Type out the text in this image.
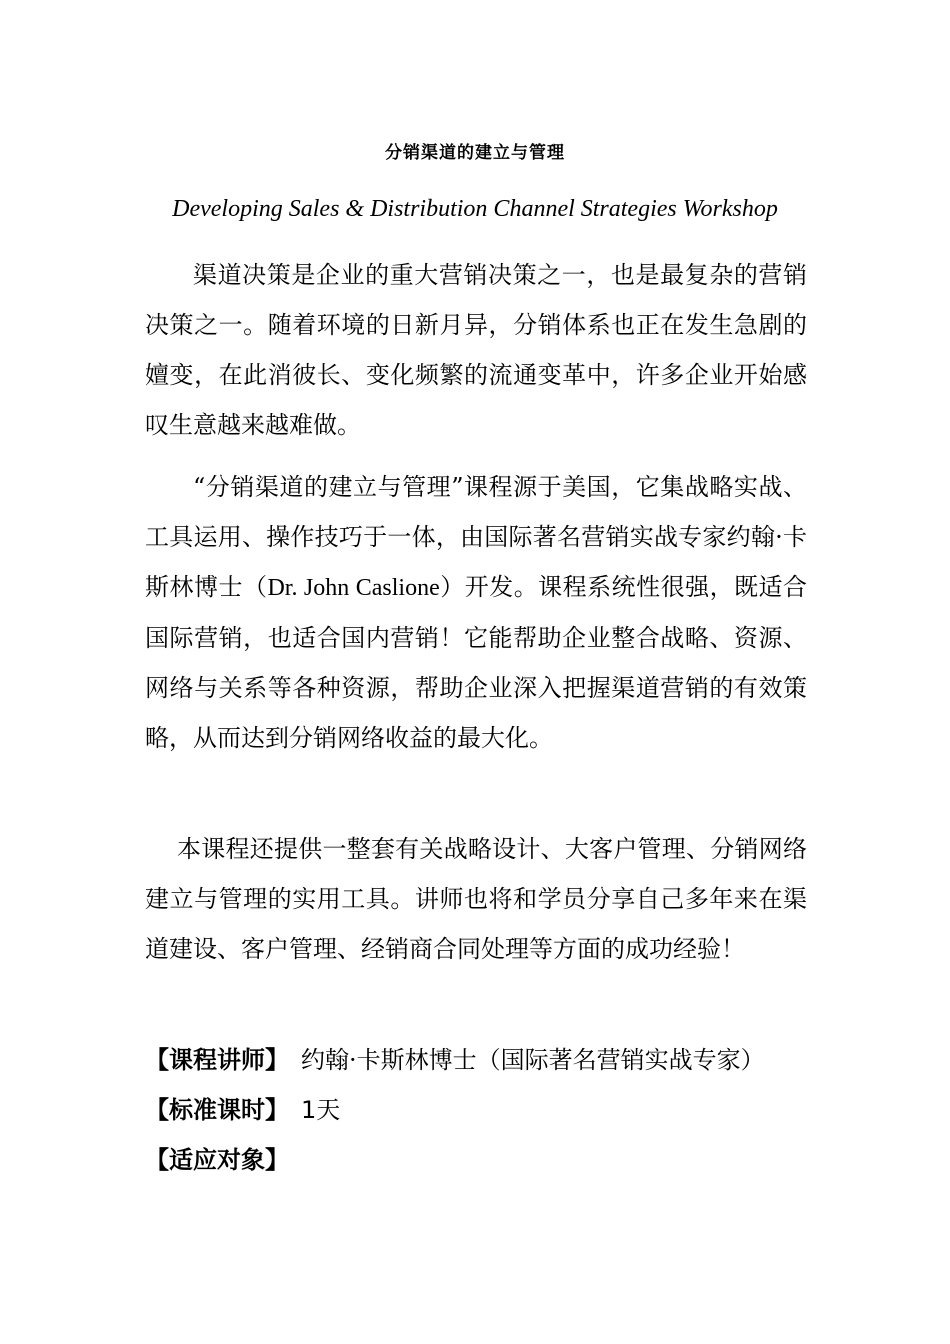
分销渠道的建立与管理
Developing Sales & Distribution Channel Strategies Workshop

渠道决策是企业的重大营销决策之一，也是最复杂的营销决策之一。随着环境的日新月异，分销体系也正在发生急剧的嬗变，在此消彼长、变化频繁的流通变革中，许多企业开始感叹生意越来越难做。

“分销渠道的建立与管理”课程源于美国，它集战略实战、工具运用、操作技巧于一体，由国际著名营销实战专家约翰·卡斯林博士（Dr. John Caslione）开发。课程系统性很强，既适合国际营销，也适合国内营销！它能帮助企业整合战略、资源、网络与关系等各种资源，帮助企业深入把握渠道营销的有效策略，从而达到分销网络收益的最大化。

本课程还提供一整套有关战略设计、大客户管理、分销网络建立与管理的实用工具。讲师也将和学员分享自己多年来在渠道建设、客户管理、经销商合同处理等方面的成功经验！

【课程讲师】 约翰·卡斯林博士（国际著名营销实战专家）
【标准课时】 1天
【适应对象】
